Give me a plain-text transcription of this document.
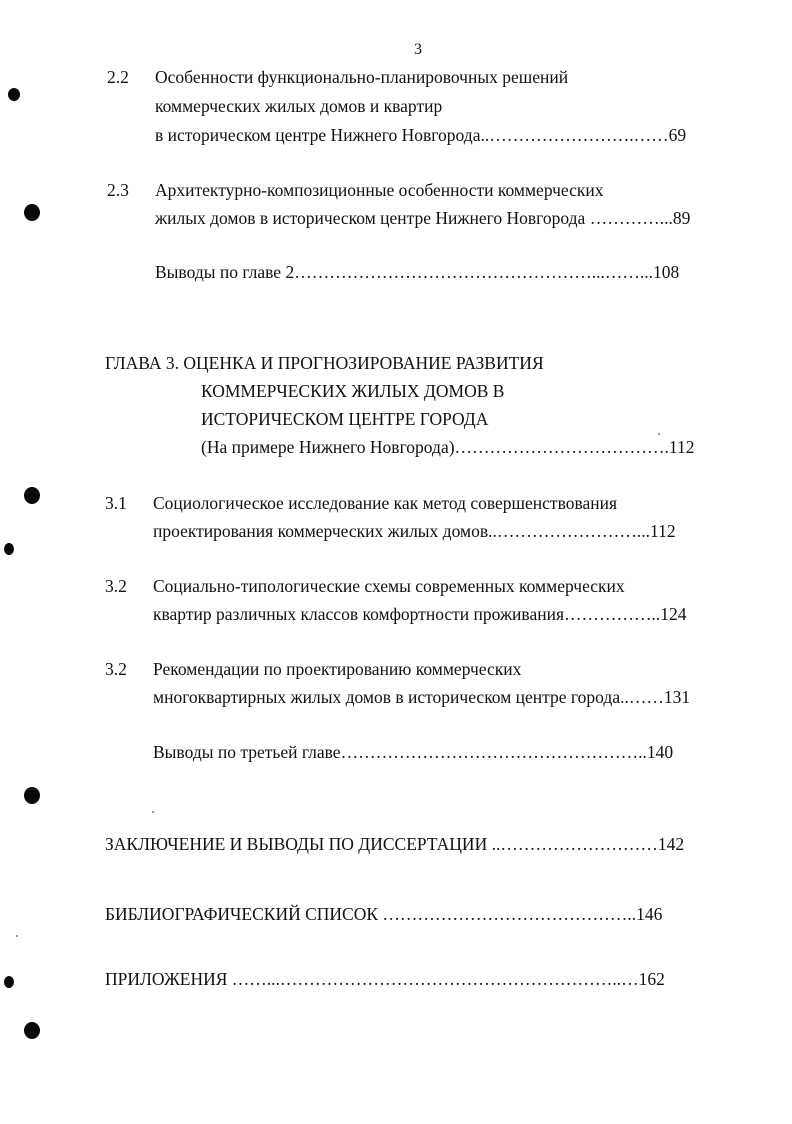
3
2.2 Особенности функционально-планировочных решений
коммерческих жилых домов и квартир
в историческом центре Нижнего Новгорода..…………………….……69
2.3 Архитектурно-композиционные особенности коммерческих
жилых домов в историческом центре Нижнего Новгорода …………...89
Выводы по главе 2……………………………………………...……...108
ГЛАВА 3. ОЦЕНКА И ПРОГНОЗИРОВАНИЕ РАЗВИТИЯ
КОММЕРЧЕСКИХ ЖИЛЫХ ДОМОВ В
ИСТОРИЧЕСКОМ ЦЕНТРЕ ГОРОДА
(На примере Нижнего Новгорода)……………………………….112
3.1 Социологическое исследование как метод совершенствования
проектирования коммерческих жилых домов..……………………...112
3.2 Социально-типологические схемы современных коммерческих
квартир различных классов комфортности проживания……………..124
3.2 Рекомендации по проектированию коммерческих
многоквартирных жилых домов в историческом центре города..……131
Выводы по третьей главе……………………………………………..140
ЗАКЛЮЧЕНИЕ И ВЫВОДЫ ПО ДИССЕРТАЦИИ ..………………………142
БИБЛИОГРАФИЧЕСКИЙ СПИСОК ……………………………………..146
ПРИЛОЖЕНИЯ ……...…………………………………………………..…162
